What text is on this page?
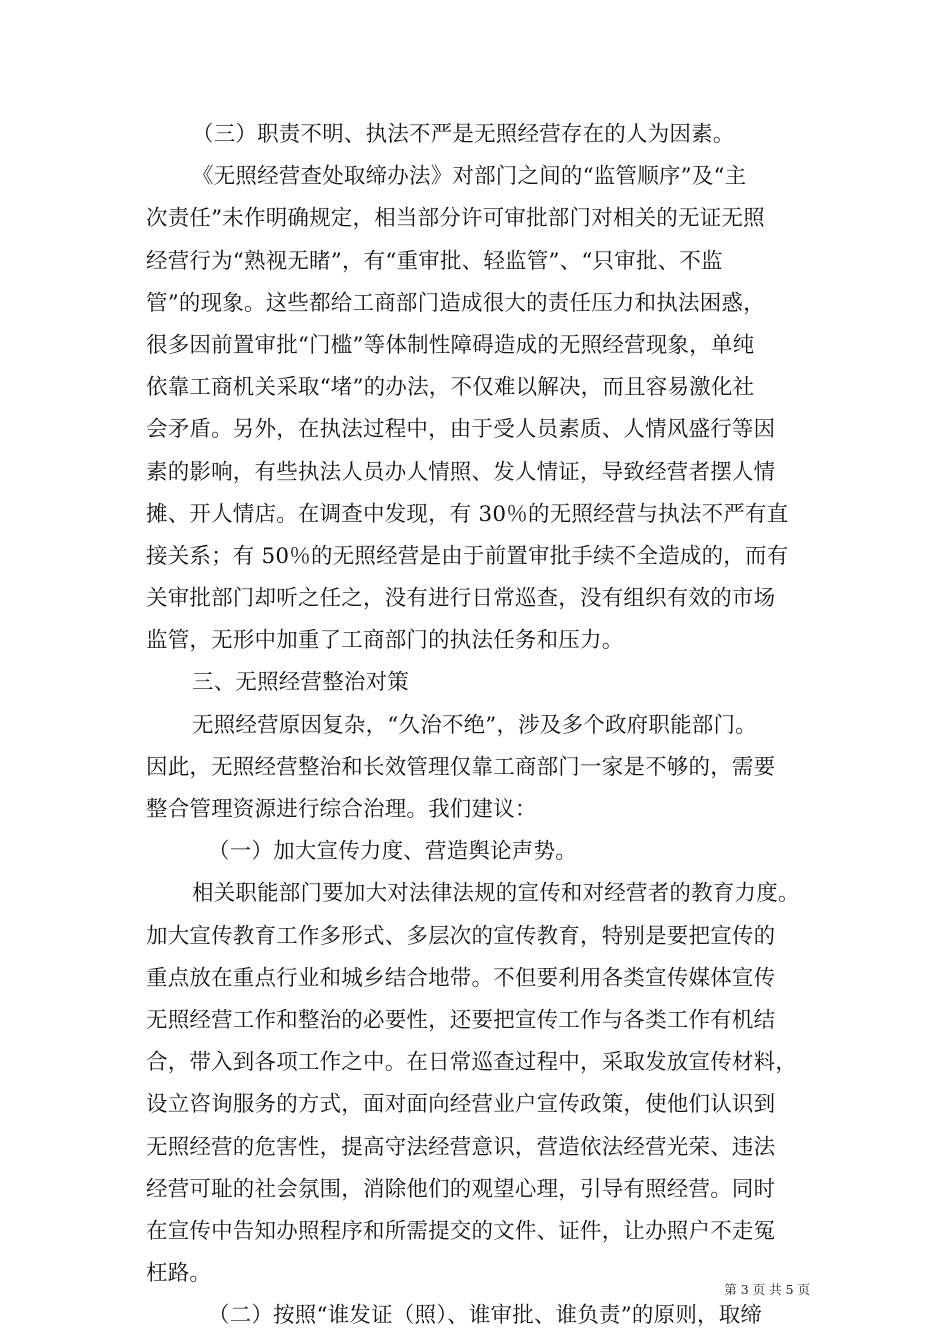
（三）职责不明、执法不严是无照经营存在的人为因素。
《无照经营查处取缔办法》对部门之间的“监管顺序”及“主
次责任”未作明确规定，相当部分许可审批部门对相关的无证无照
经营行为“熟视无睹”，有“重审批、轻监管”、“只审批、不监
管”的现象。这些都给工商部门造成很大的责任压力和执法困惑，
很多因前置审批“门槛”等体制性障碍造成的无照经营现象，单纯
依靠工商机关采取“堵”的办法，不仅难以解决，而且容易激化社
会矛盾。另外，在执法过程中，由于受人员素质、人情风盛行等因
素的影响，有些执法人员办人情照、发人情证，导致经营者摆人情
摊、开人情店。在调查中发现，有 30％的无照经营与执法不严有直
接关系；有 50％的无照经营是由于前置审批手续不全造成的，而有
关审批部门却听之任之，没有进行日常巡查，没有组织有效的市场
监管，无形中加重了工商部门的执法任务和压力。
三、无照经营整治对策
无照经营原因复杂，“久治不绝”，涉及多个政府职能部门。
因此，无照经营整治和长效管理仅靠工商部门一家是不够的，需要
整合管理资源进行综合治理。我们建议：
（一）加大宣传力度、营造舆论声势。
相关职能部门要加大对法律法规的宣传和对经营者的教育力度。
加大宣传教育工作多形式、多层次的宣传教育，特别是要把宣传的
重点放在重点行业和城乡结合地带。不但要利用各类宣传媒体宣传
无照经营工作和整治的必要性，还要把宣传工作与各类工作有机结
合，带入到各项工作之中。在日常巡查过程中，采取发放宣传材料，
设立咨询服务的方式，面对面向经营业户宣传政策，使他们认识到
无照经营的危害性，提高守法经营意识，营造依法经营光荣、违法
经营可耻的社会氛围，消除他们的观望心理，引导有照经营。同时
在宣传中告知办照程序和所需提交的文件、证件，让办照户不走冤
枉路。
（二）按照“谁发证（照）、谁审批、谁负责”的原则，取缔
第 3 页 共 5 页
